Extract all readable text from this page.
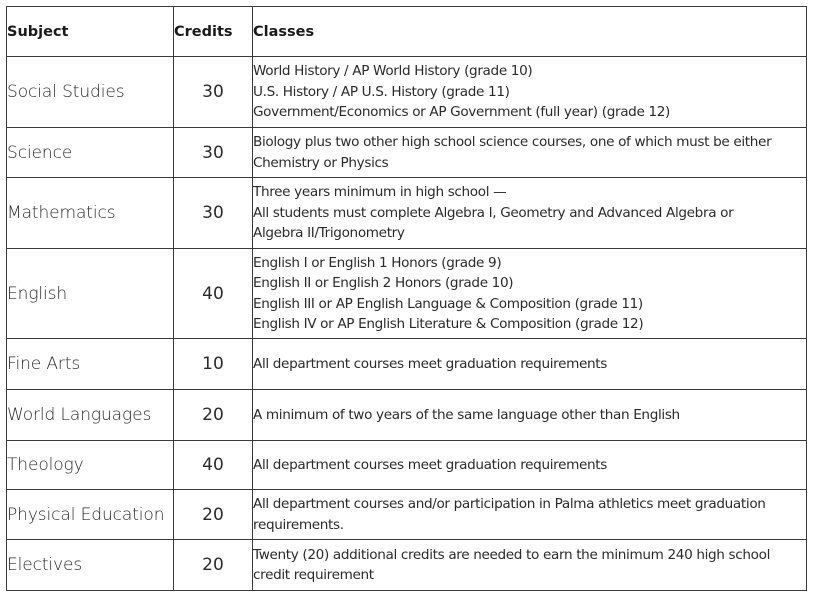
Subject	Credits	Classes
Social Studies	30	World History / AP World History (grade 10)
U.S. History / AP U.S. History (grade 11)
Government/Economics or AP Government (full year) (grade 12)

Science	30	Biology plus two other high school science courses, one of which must be either
Chemistry or Physics

Mathematics	30	Three years minimum in high school —
All students must complete Algebra I, Geometry and Advanced Algebra or
Algebra II/Trigonometry

English	40	English I or English 1 Honors (grade 9)
English II or English 2 Honors (grade 10)
English III or AP English Language & Composition (grade 11)
English IV or AP English Literature & Composition (grade 12)

Fine Arts	10	All department courses meet graduation requirements

World Languages	20	A minimum of two years of the same language other than English

Theology	40	All department courses meet graduation requirements

Physical Education	20	All department courses and/or participation in Palma athletics meet graduation
requirements.

Electives	20	Twenty (20) additional credits are needed to earn the minimum 240 high school
credit requirement
